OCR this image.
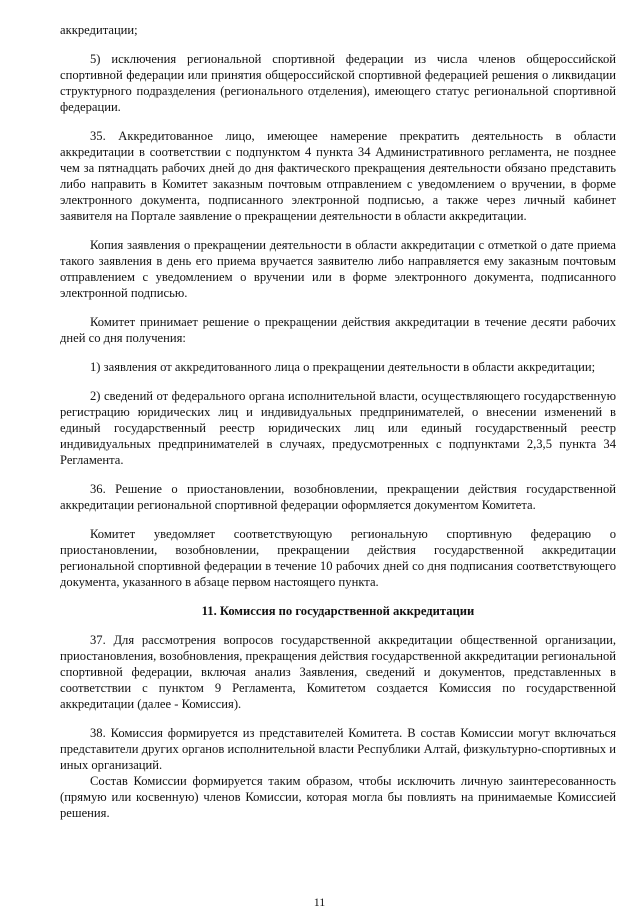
аккредитации;

5) исключения региональной спортивной федерации из числа членов общероссийской спортивной федерации или принятия общероссийской спортивной федерацией решения о ликвидации структурного подразделения (регионального отделения), имеющего статус региональной спортивной федерации.

35. Аккредитованное лицо, имеющее намерение прекратить деятельность в области аккредитации в соответствии с подпунктом 4 пункта 34 Административного регламента, не позднее чем за пятнадцать рабочих дней до дня фактического прекращения деятельности обязано представить либо направить в Комитет заказным почтовым отправлением с уведомлением о вручении, в форме электронного документа, подписанного электронной подписью, а также через личный кабинет заявителя на Портале заявление о прекращении деятельности в области аккредитации.

Копия заявления о прекращении деятельности в области аккредитации с отметкой о дате приема такого заявления в день его приема вручается заявителю либо направляется ему заказным почтовым отправлением с уведомлением о вручении или в форме электронного документа, подписанного электронной подписью.

Комитет принимает решение о прекращении действия аккредитации в течение десяти рабочих дней со дня получения:

1) заявления от аккредитованного лица о прекращении деятельности в области аккредитации;

2) сведений от федерального органа исполнительной власти, осуществляющего государственную регистрацию юридических лиц и индивидуальных предпринимателей, о внесении изменений в единый государственный реестр юридических лиц или единый государственный реестр индивидуальных предпринимателей в случаях, предусмотренных с подпунктами 2,3,5 пункта 34 Регламента.

36. Решение о приостановлении, возобновлении, прекращении действия государственной аккредитации региональной спортивной федерации оформляется документом Комитета.

Комитет уведомляет соответствующую региональную спортивную федерацию о приостановлении, возобновлении, прекращении действия государственной аккредитации региональной спортивной федерации в течение 10 рабочих дней со дня подписания соответствующего документа, указанного в абзаце первом настоящего пункта.

11. Комиссия по государственной аккредитации

37. Для рассмотрения вопросов государственной аккредитации общественной организации, приостановления, возобновления, прекращения действия государственной аккредитации региональной спортивной федерации, включая анализ Заявления, сведений и документов, представленных в соответствии с пунктом 9 Регламента, Комитетом создается Комиссия по государственной аккредитации (далее - Комиссия).

38. Комиссия формируется из представителей Комитета. В состав Комиссии могут включаться представители других органов исполнительной власти Республики Алтай, физкультурно-спортивных и иных организаций.

Состав Комиссии формируется таким образом, чтобы исключить личную заинтересованность (прямую или косвенную) членов Комиссии, которая могла бы повлиять на принимаемые Комиссией решения.

11
